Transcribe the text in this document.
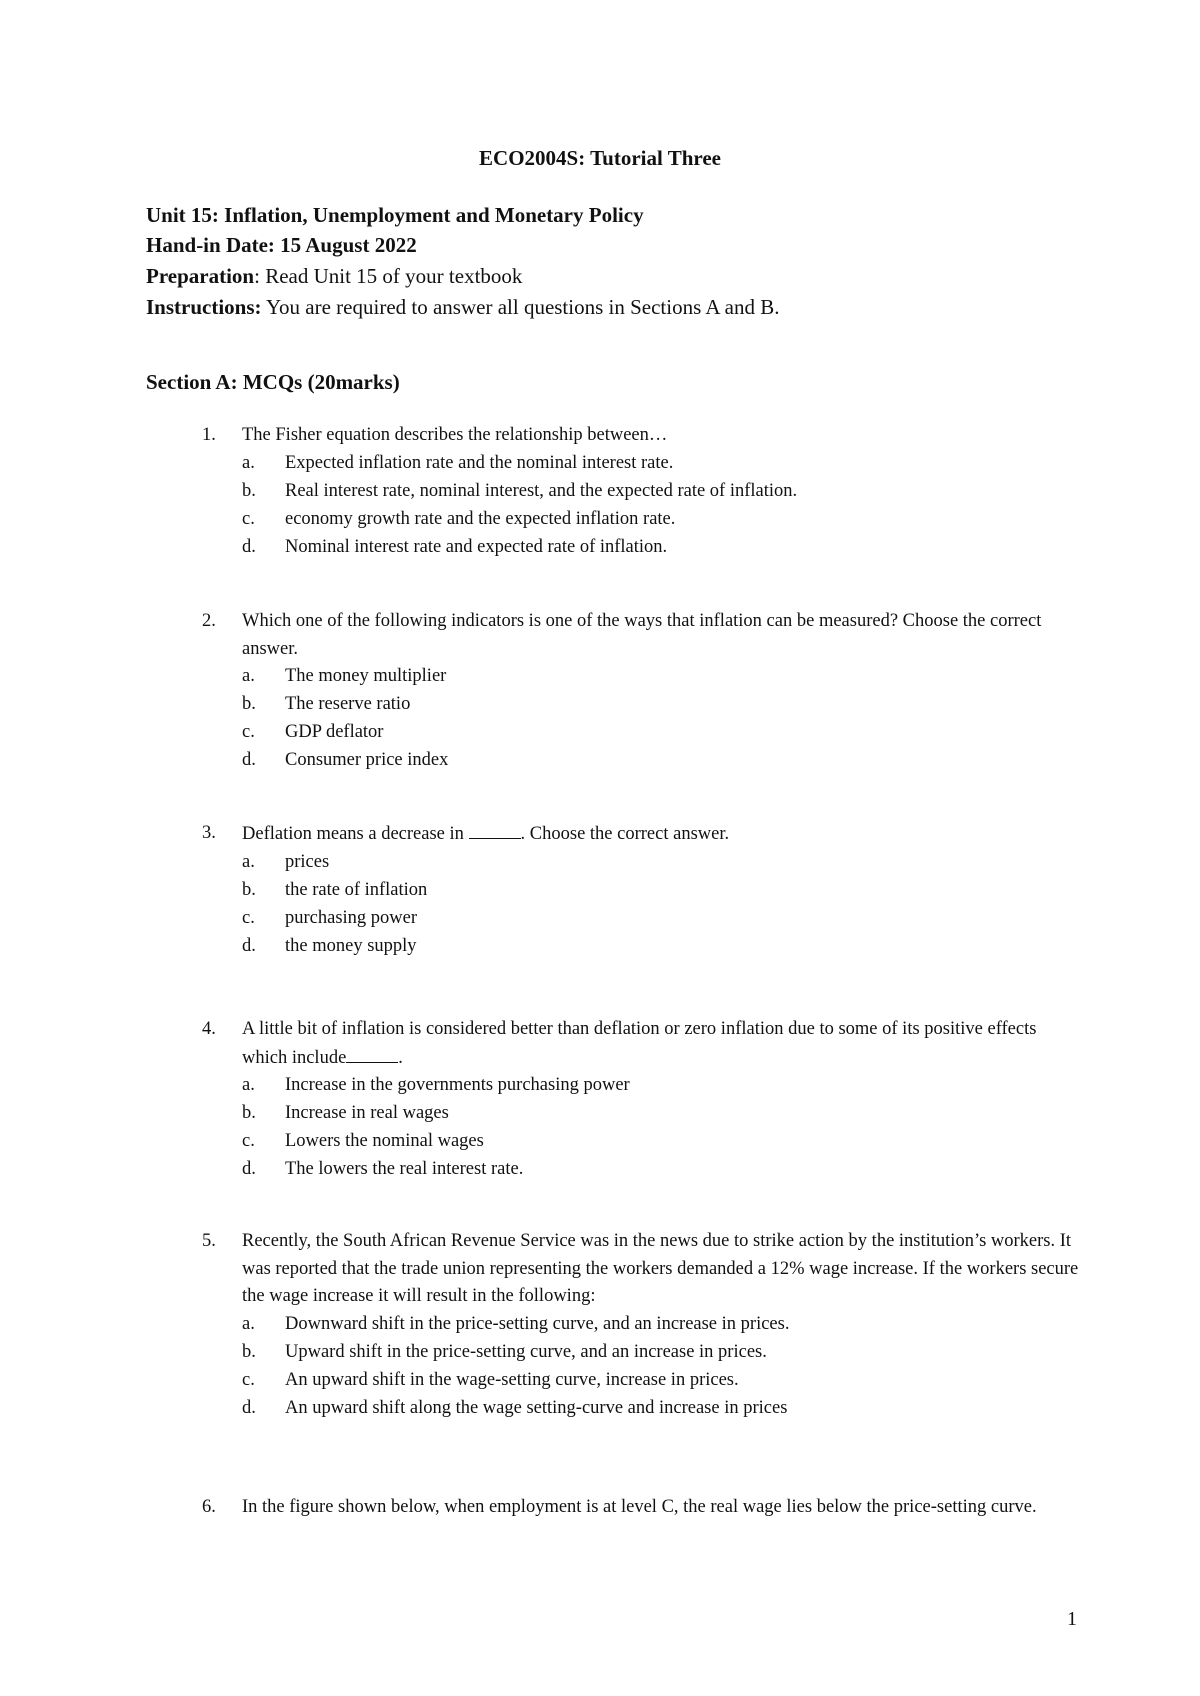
ECO2004S: Tutorial Three
Unit 15: Inflation, Unemployment and Monetary Policy
Hand-in Date: 15 August 2022
Preparation: Read Unit 15 of your textbook
Instructions: You are required to answer all questions in Sections A and B.
Section A: MCQs (20marks)
1. The Fisher equation describes the relationship between…
a. Expected inflation rate and the nominal interest rate.
b. Real interest rate, nominal interest, and the expected rate of inflation.
c. economy growth rate and the expected inflation rate.
d. Nominal interest rate and expected rate of inflation.
2. Which one of the following indicators is one of the ways that inflation can be measured? Choose the correct answer.
a. The money multiplier
b. The reserve ratio
c. GDP deflator
d. Consumer price index
3. Deflation means a decrease in	. Choose the correct answer.
a. prices
b. the rate of inflation
c. purchasing power
d. the money supply
4. A little bit of inflation is considered better than deflation or zero inflation due to some of its positive effects which include	.
a. Increase in the governments purchasing power
b. Increase in real wages
c. Lowers the nominal wages
d. The lowers the real interest rate.
5. Recently, the South African Revenue Service was in the news due to strike action by the institution’s workers. It was reported that the trade union representing the workers demanded a 12% wage increase. If the workers secure the wage increase it will result in the following:
a. Downward shift in the price-setting curve, and an increase in prices.
b. Upward shift in the price-setting curve, and an increase in prices.
c. An upward shift in the wage-setting curve, increase in prices.
d. An upward shift along the wage setting-curve and increase in prices
6. In the figure shown below, when employment is at level C, the real wage lies below the price-setting curve.
1
